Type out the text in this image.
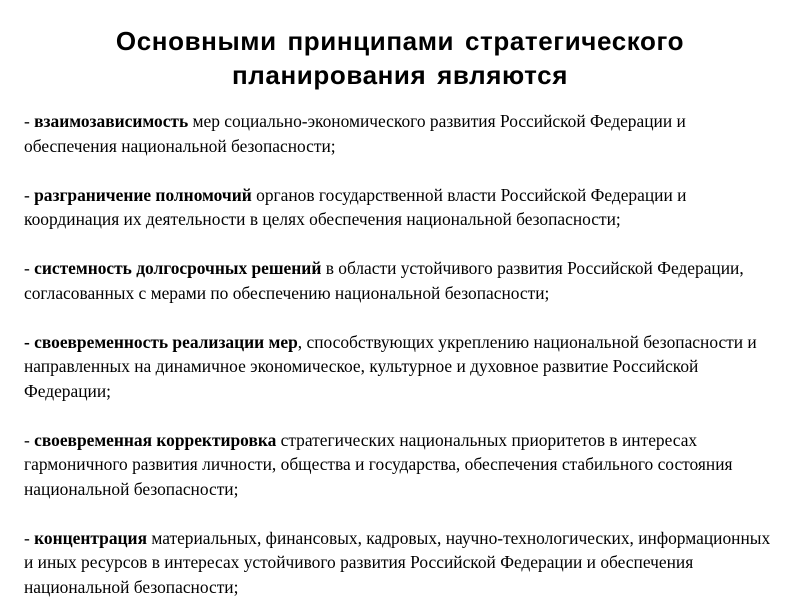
Основными принципами стратегического планирования являются

- взаимозависимость мер социально-экономического развития Российской Федерации и обеспечения национальной безопасности;

- разграничение полномочий органов государственной власти Российской Федерации и координация их деятельности в целях обеспечения национальной безопасности;

- системность долгосрочных решений в области устойчивого развития Российской Федерации, согласованных с мерами по обеспечению национальной безопасности;

- своевременность реализации мер, способствующих укреплению национальной безопасности и направленных на динамичное экономическое, культурное и духовное развитие Российской Федерации;

- своевременная корректировка стратегических национальных приоритетов в интересах гармоничного развития личности, общества и государства, обеспечения стабильного состояния национальной безопасности;

- концентрация материальных, финансовых, кадровых, научно-технологических, информационных и иных ресурсов в интересах устойчивого развития Российской Федерации и обеспечения национальной безопасности;
